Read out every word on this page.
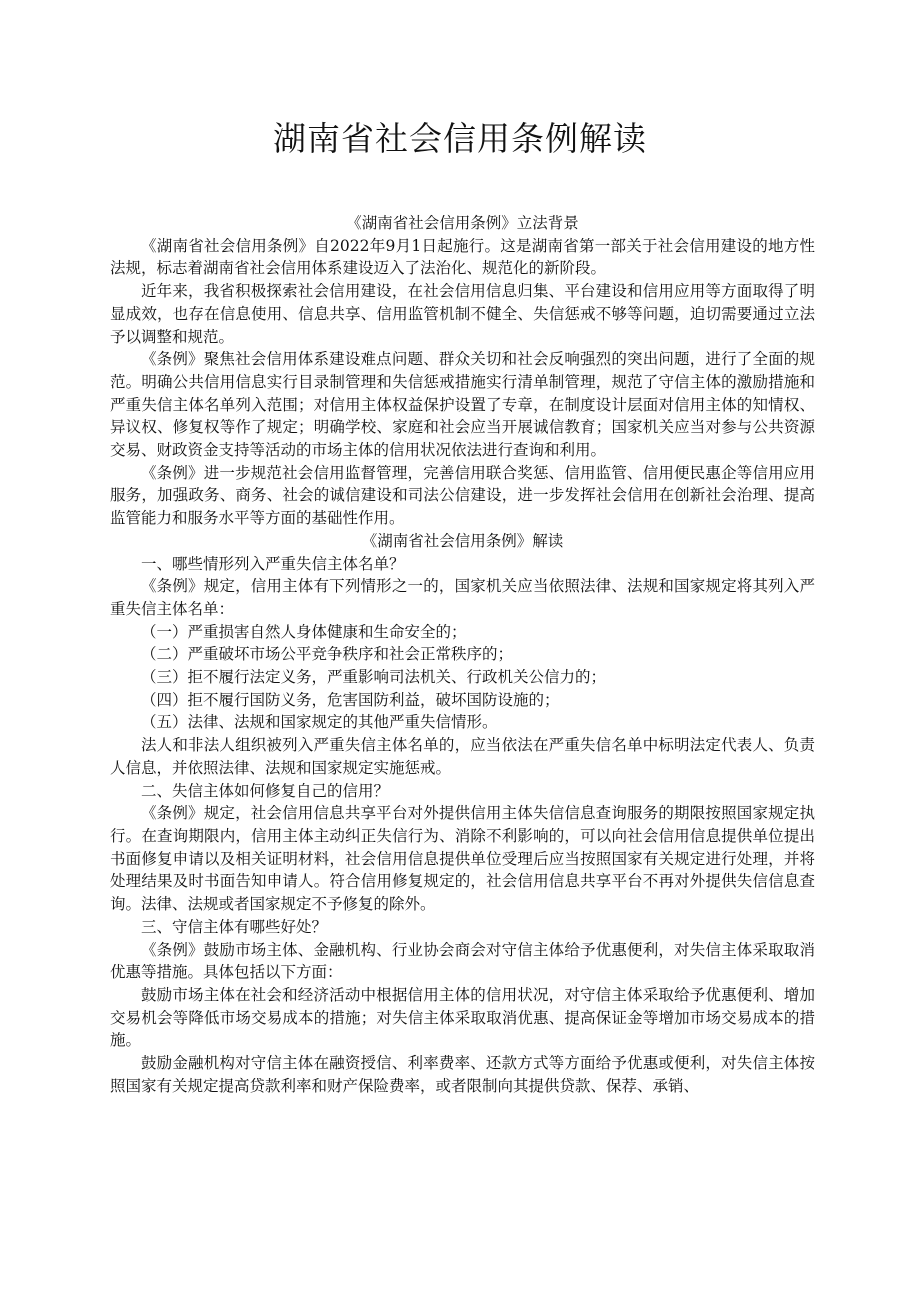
湖南省社会信用条例解读

《湖南省社会信用条例》立法背景

《湖南省社会信用条例》自2022年9月1日起施行。这是湖南省第一部关于社会信用建设的地方性法规，标志着湖南省社会信用体系建设迈入了法治化、规范化的新阶段。

近年来，我省积极探索社会信用建设，在社会信用信息归集、平台建设和信用应用等方面取得了明显成效，也存在信息使用、信息共享、信用监管机制不健全、失信惩戒不够等问题，迫切需要通过立法予以调整和规范。

《条例》聚焦社会信用体系建设难点问题、群众关切和社会反响强烈的突出问题，进行了全面的规范。明确公共信用信息实行目录制管理和失信惩戒措施实行清单制管理，规范了守信主体的激励措施和严重失信主体名单列入范围；对信用主体权益保护设置了专章，在制度设计层面对信用主体的知情权、异议权、修复权等作了规定；明确学校、家庭和社会应当开展诚信教育；国家机关应当对参与公共资源交易、财政资金支持等活动的市场主体的信用状况依法进行查询和利用。

《条例》进一步规范社会信用监督管理，完善信用联合奖惩、信用监管、信用便民惠企等信用应用服务，加强政务、商务、社会的诚信建设和司法公信建设，进一步发挥社会信用在创新社会治理、提高监管能力和服务水平等方面的基础性作用。

《湖南省社会信用条例》解读

一、哪些情形列入严重失信主体名单？

《条例》规定，信用主体有下列情形之一的，国家机关应当依照法律、法规和国家规定将其列入严重失信主体名单：

（一）严重损害自然人身体健康和生命安全的；

（二）严重破坏市场公平竞争秩序和社会正常秩序的；

（三）拒不履行法定义务，严重影响司法机关、行政机关公信力的；

（四）拒不履行国防义务，危害国防利益，破坏国防设施的；

（五）法律、法规和国家规定的其他严重失信情形。

法人和非法人组织被列入严重失信主体名单的，应当依法在严重失信名单中标明法定代表人、负责人信息，并依照法律、法规和国家规定实施惩戒。

二、失信主体如何修复自己的信用？

《条例》规定，社会信用信息共享平台对外提供信用主体失信信息查询服务的期限按照国家规定执行。在查询期限内，信用主体主动纠正失信行为、消除不利影响的，可以向社会信用信息提供单位提出书面修复申请以及相关证明材料，社会信用信息提供单位受理后应当按照国家有关规定进行处理，并将处理结果及时书面告知申请人。符合信用修复规定的，社会信用信息共享平台不再对外提供失信信息查询。法律、法规或者国家规定不予修复的除外。

三、守信主体有哪些好处？

《条例》鼓励市场主体、金融机构、行业协会商会对守信主体给予优惠便利，对失信主体采取取消优惠等措施。具体包括以下方面：

鼓励市场主体在社会和经济活动中根据信用主体的信用状况，对守信主体采取给予优惠便利、增加交易机会等降低市场交易成本的措施；对失信主体采取取消优惠、提高保证金等增加市场交易成本的措施。

鼓励金融机构对守信主体在融资授信、利率费率、还款方式等方面给予优惠或便利，对失信主体按照国家有关规定提高贷款利率和财产保险费率，或者限制向其提供贷款、保荐、承销、
